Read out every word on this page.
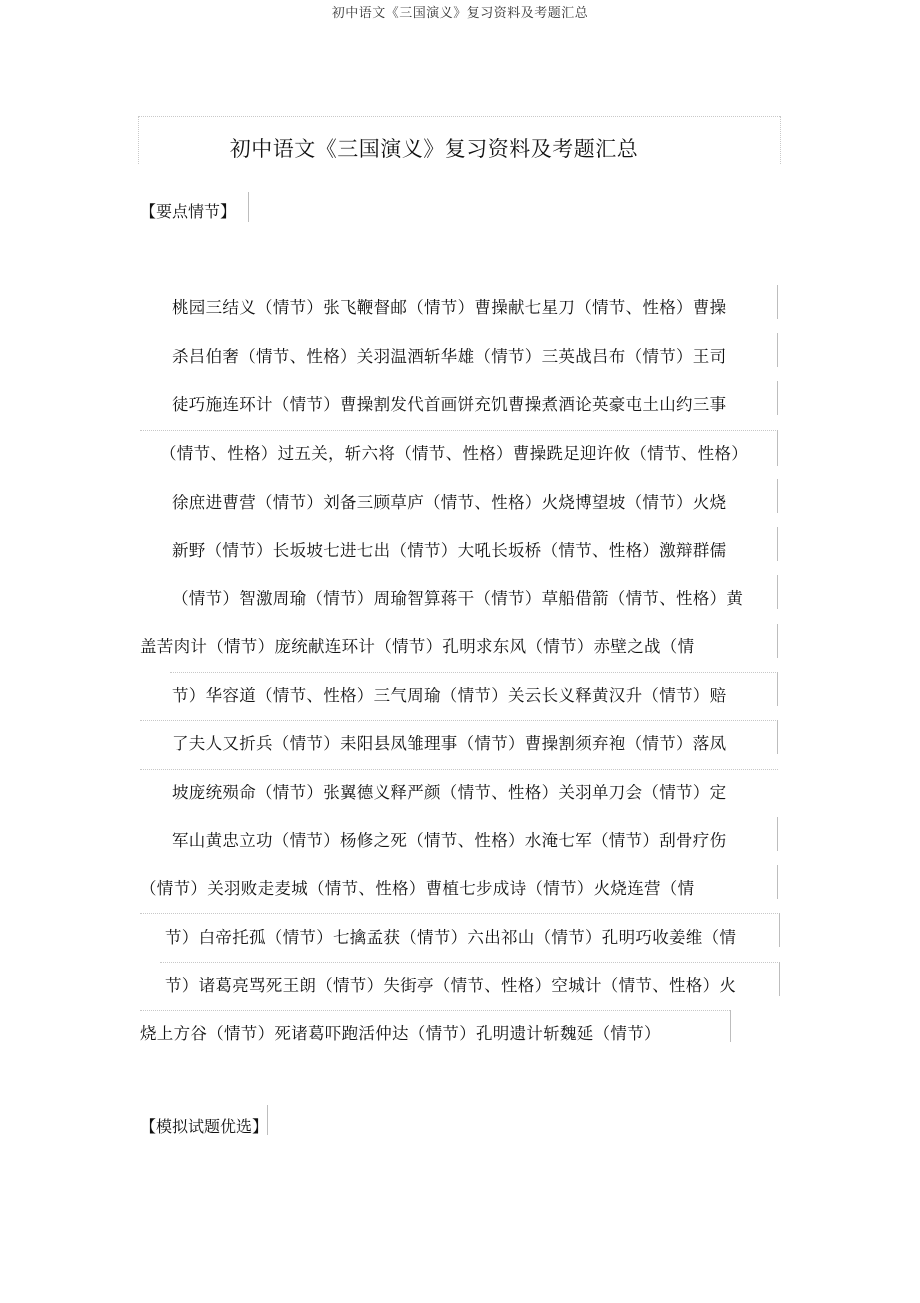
初中语文《三国演义》复习资料及考题汇总
初中语文《三国演义》复习资料及考题汇总
【要点情节】
桃园三结义（情节）张飞鞭督邮（情节）曹操献七星刀（情节、性格）曹操
杀吕伯奢（情节、性格）关羽温酒斩华雄（情节）三英战吕布（情节）王司
徒巧施连环计（情节）曹操割发代首画饼充饥曹操煮酒论英豪屯土山约三事
（情节、性格）过五关，斩六将（情节、性格）曹操跣足迎许攸（情节、性格）
徐庶进曹营（情节）刘备三顾草庐（情节、性格）火烧博望坡（情节）火烧
新野（情节）长坂坡七进七出（情节）大吼长坂桥（情节、性格）激辩群儒
（情节）智激周瑜（情节）周瑜智算蒋干（情节）草船借箭（情节、性格）黄
盖苦肉计（情节）庞统献连环计（情节）孔明求东风（情节）赤壁之战（情
节）华容道（情节、性格）三气周瑜（情节）关云长义释黄汉升（情节）赔
了夫人又折兵（情节）耒阳县凤雏理事（情节）曹操割须弃袍（情节）落凤
坡庞统殒命（情节）张翼德义释严颜（情节、性格）关羽单刀会（情节）定
军山黄忠立功（情节）杨修之死（情节、性格）水淹七军（情节）刮骨疗伤
（情节）关羽败走麦城（情节、性格）曹植七步成诗（情节）火烧连营（情
节）白帝托孤（情节）七擒孟获（情节）六出祁山（情节）孔明巧收姜维（情
节）诸葛亮骂死王朗（情节）失街亭（情节、性格）空城计（情节、性格）火
烧上方谷（情节）死诸葛吓跑活仲达（情节）孔明遗计斩魏延（情节）
【模拟试题优选】
